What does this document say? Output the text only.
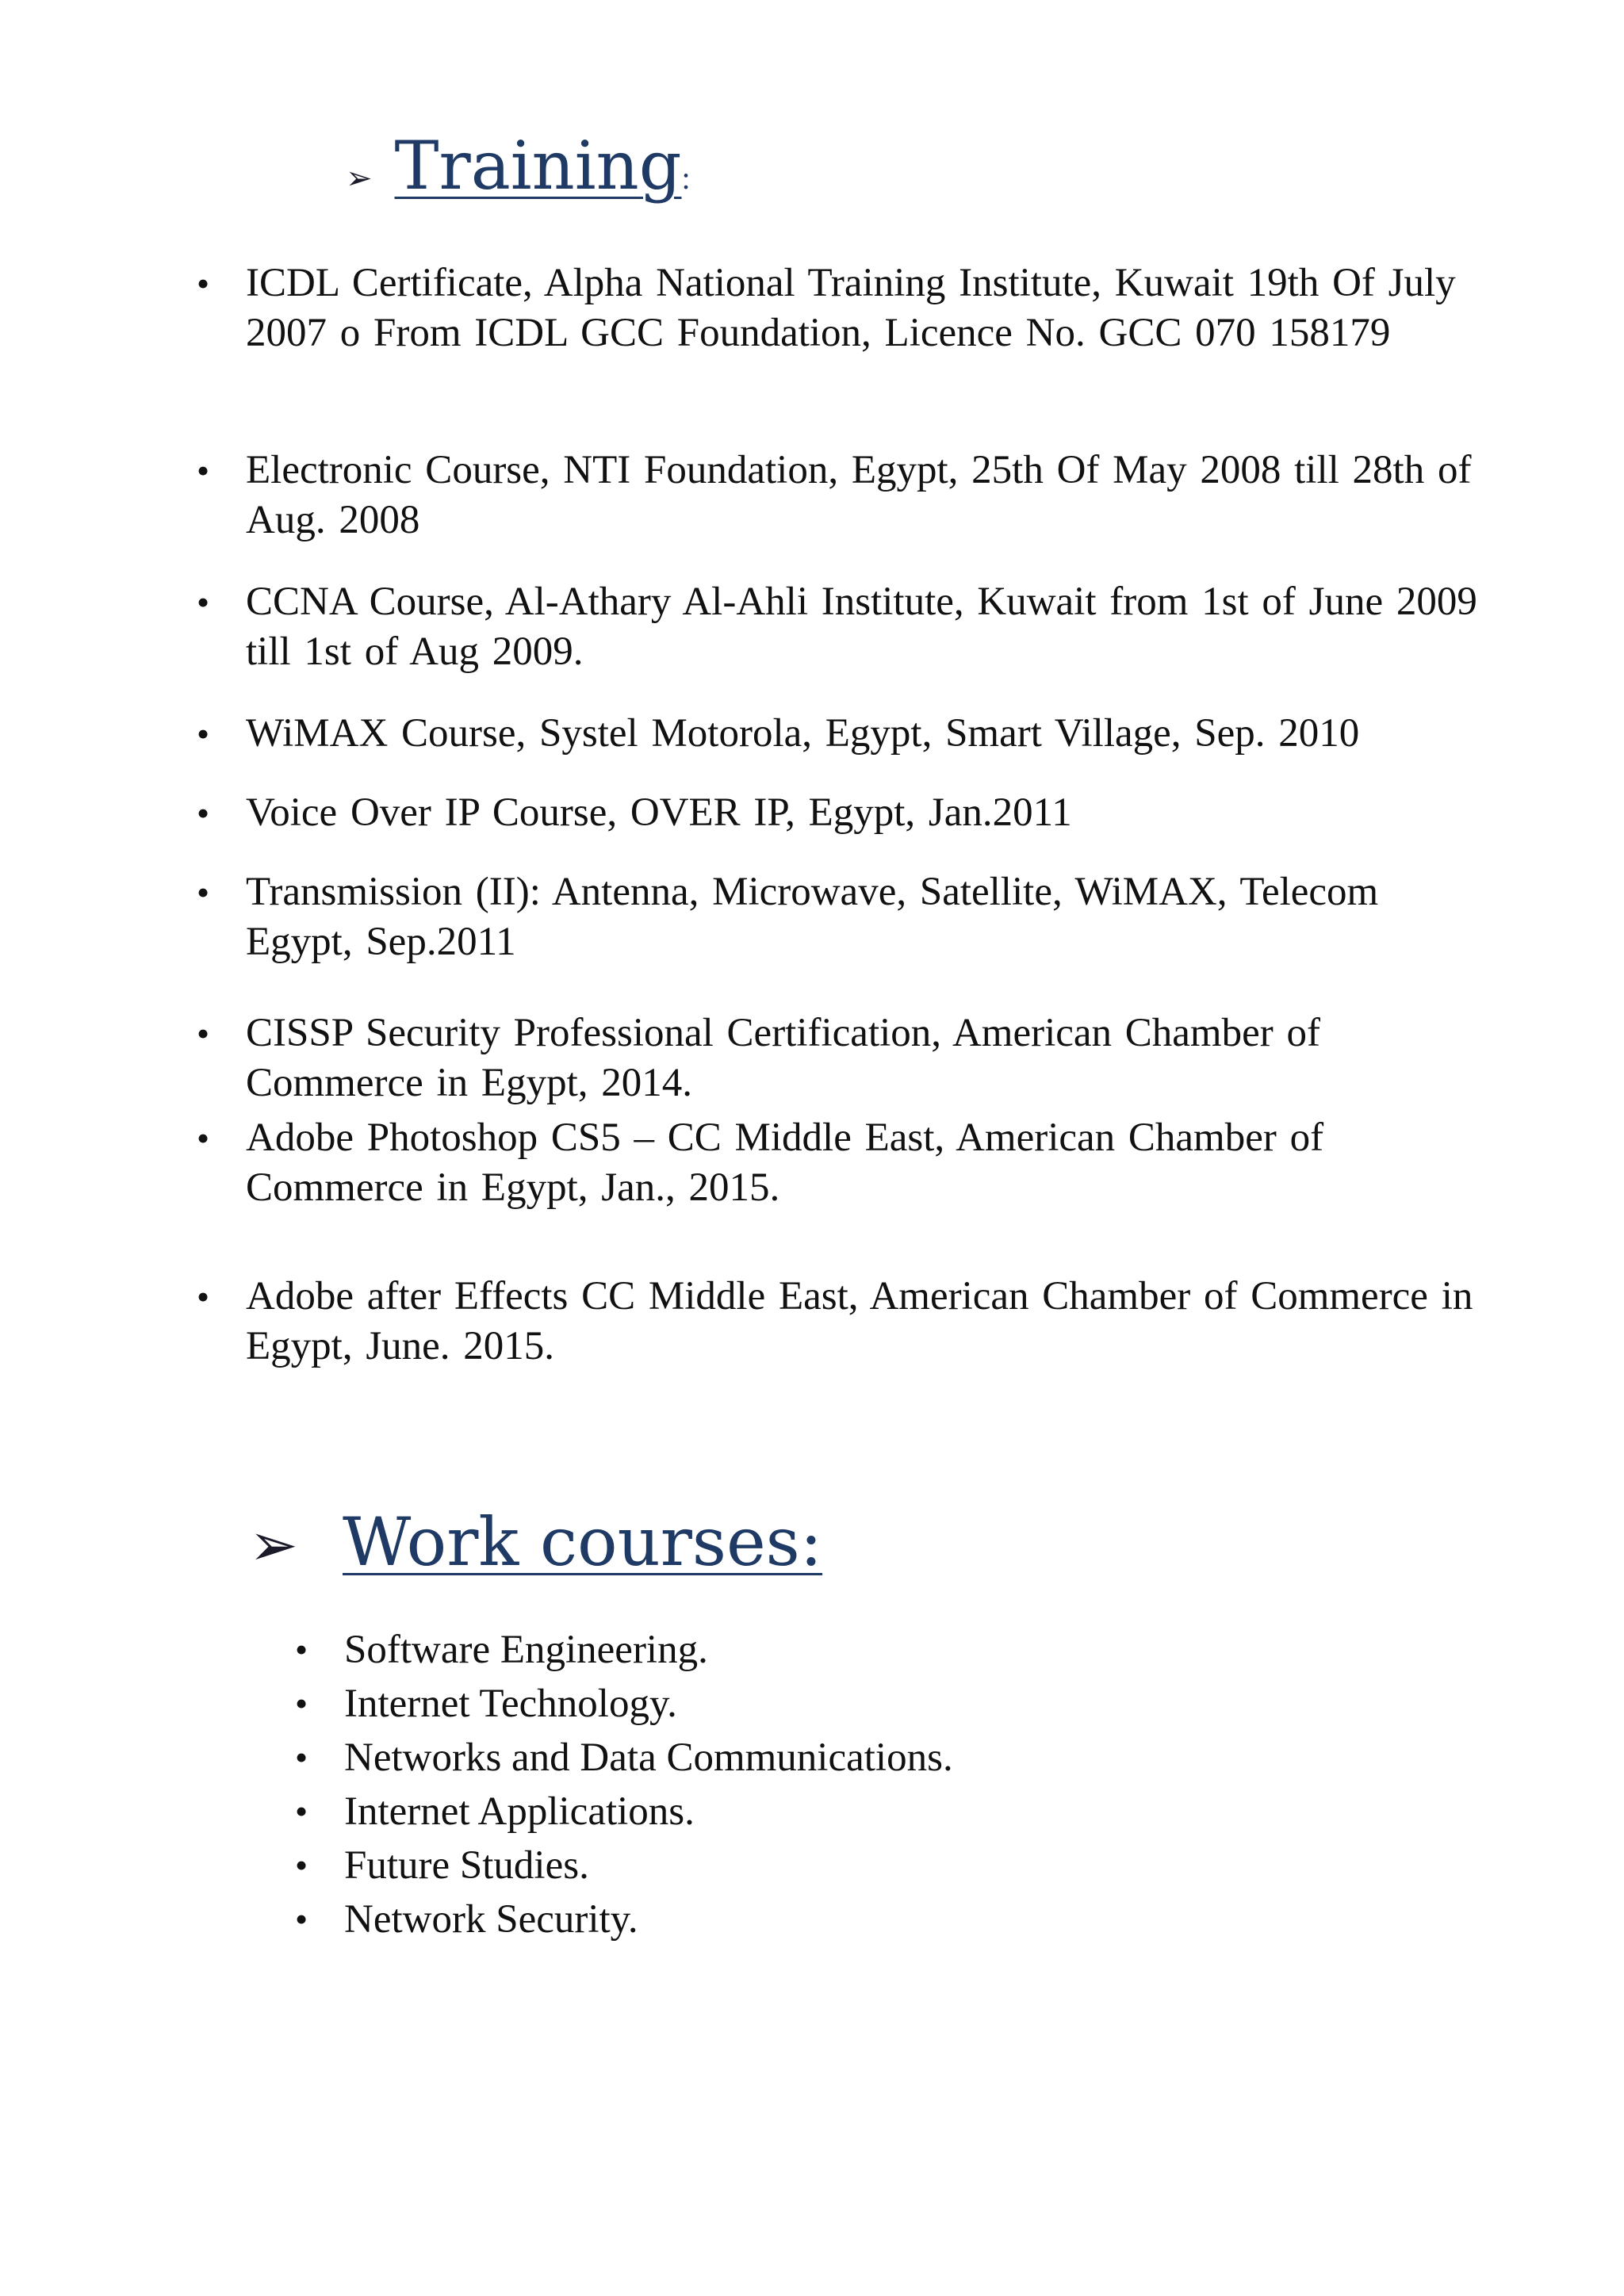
➢ Training :
• ICDL Certificate, Alpha National Training Institute, Kuwait 19th Of July 2007 o From ICDL GCC Foundation, Licence No. GCC 070 158179
• Electronic Course, NTI Foundation, Egypt, 25th Of May 2008 till 28th of Aug. 2008
• CCNA Course, Al-Athary Al-Ahli Institute, Kuwait from 1st of June 2009 till 1st of Aug 2009.
• WiMAX Course, Systel Motorola, Egypt, Smart Village, Sep. 2010
• Voice Over IP Course, OVER IP, Egypt, Jan.2011
• Transmission (II): Antenna, Microwave, Satellite, WiMAX, Telecom Egypt, Sep.2011
• CISSP Security Professional Certification, American Chamber of Commerce in Egypt, 2014.
• Adobe Photoshop CS5 – CC Middle East, American Chamber of Commerce in Egypt, Jan., 2015.
• Adobe after Effects CC Middle East, American Chamber of Commerce in Egypt, June. 2015.
➢ Work courses:
• Software Engineering.
• Internet Technology.
• Networks and Data Communications.
• Internet Applications.
• Future Studies.
• Network Security.
